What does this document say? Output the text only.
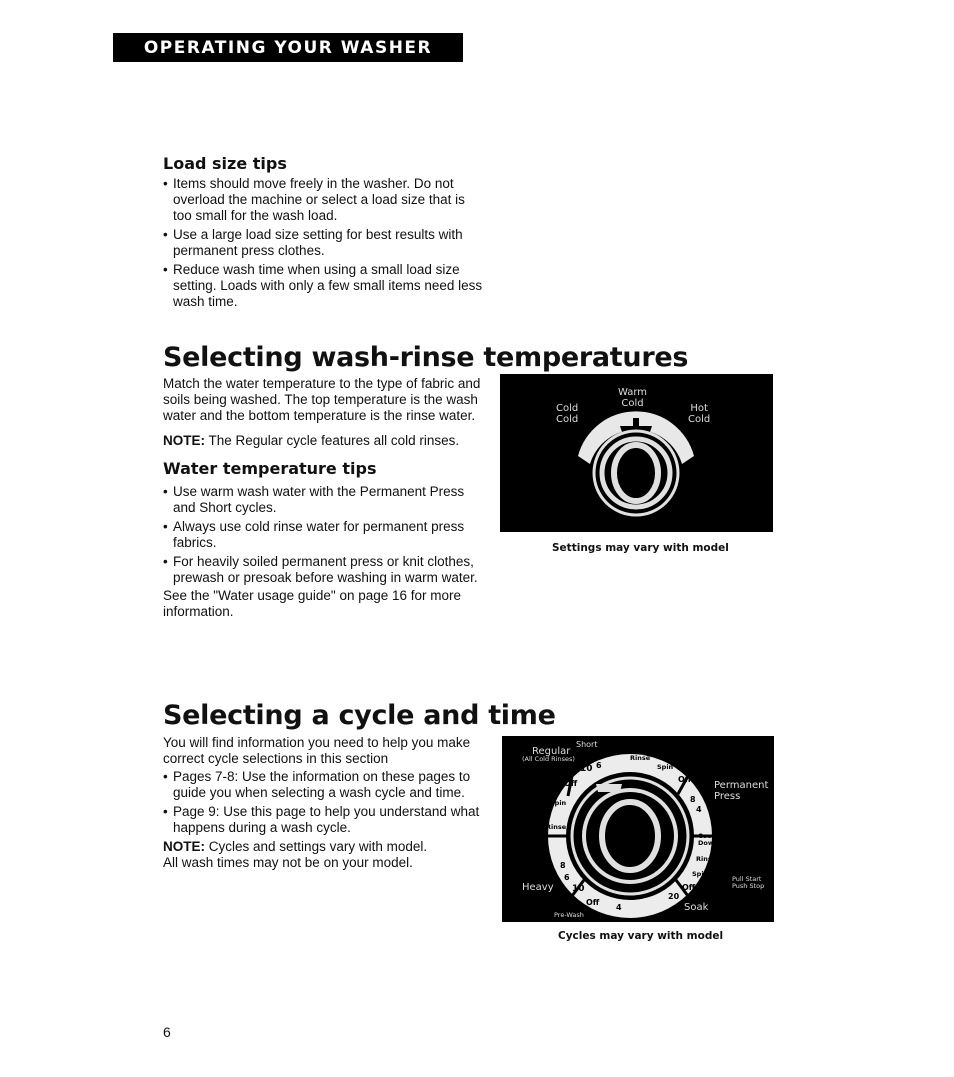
OPERATING YOUR WASHER
Load size tips
• Items should move freely in the washer. Do not overload the machine or select a load size that is too small for the wash load.
• Use a large load size setting for best results with permanent press clothes.
• Reduce wash time when using a small load size setting. Loads with only a few small items need less wash time.
Selecting wash-rinse temperatures

Match the water temperature to the type of fabric and soils being washed. The top temperature is the wash water and the bottom temperature is the rinse water.

NOTE: The Regular cycle features all cold rinses.

Water temperature tips
• Use warm wash water with the Permanent Press and Short cycles.
• Always use cold rinse water for permanent press fabrics.
• For heavily soiled permanent press or knit clothes, prewash or presoak before washing in warm water.

See the "Water usage guide" on page 16 for more information.

Cold
Cold
Warm
Cold	Hot
Cold
Settings may vary with model
Selecting a cycle and time

You will find information you need to help you make correct cycle selections in this section

• Pages 7-8: Use the information on these pages to guide you when selecting a wash cycle and time.
• Page 9: Use this page to help you understand what happens during a wash cycle.

NOTE: Cycles and settings vary with model.
All wash times may not be on your model.

10 6
Rinse
Spin
Off
8
4
Cool Down
Rinse
Spin
Off
20
4
Off
10
6
Rinse
Spin
Off
8
Regular
(All Cold Rinses)
Short
Permanent Press
Pull Start
Push Stop
Heavy
Pre-Wash
Soak
Cycles may vary with model
6
